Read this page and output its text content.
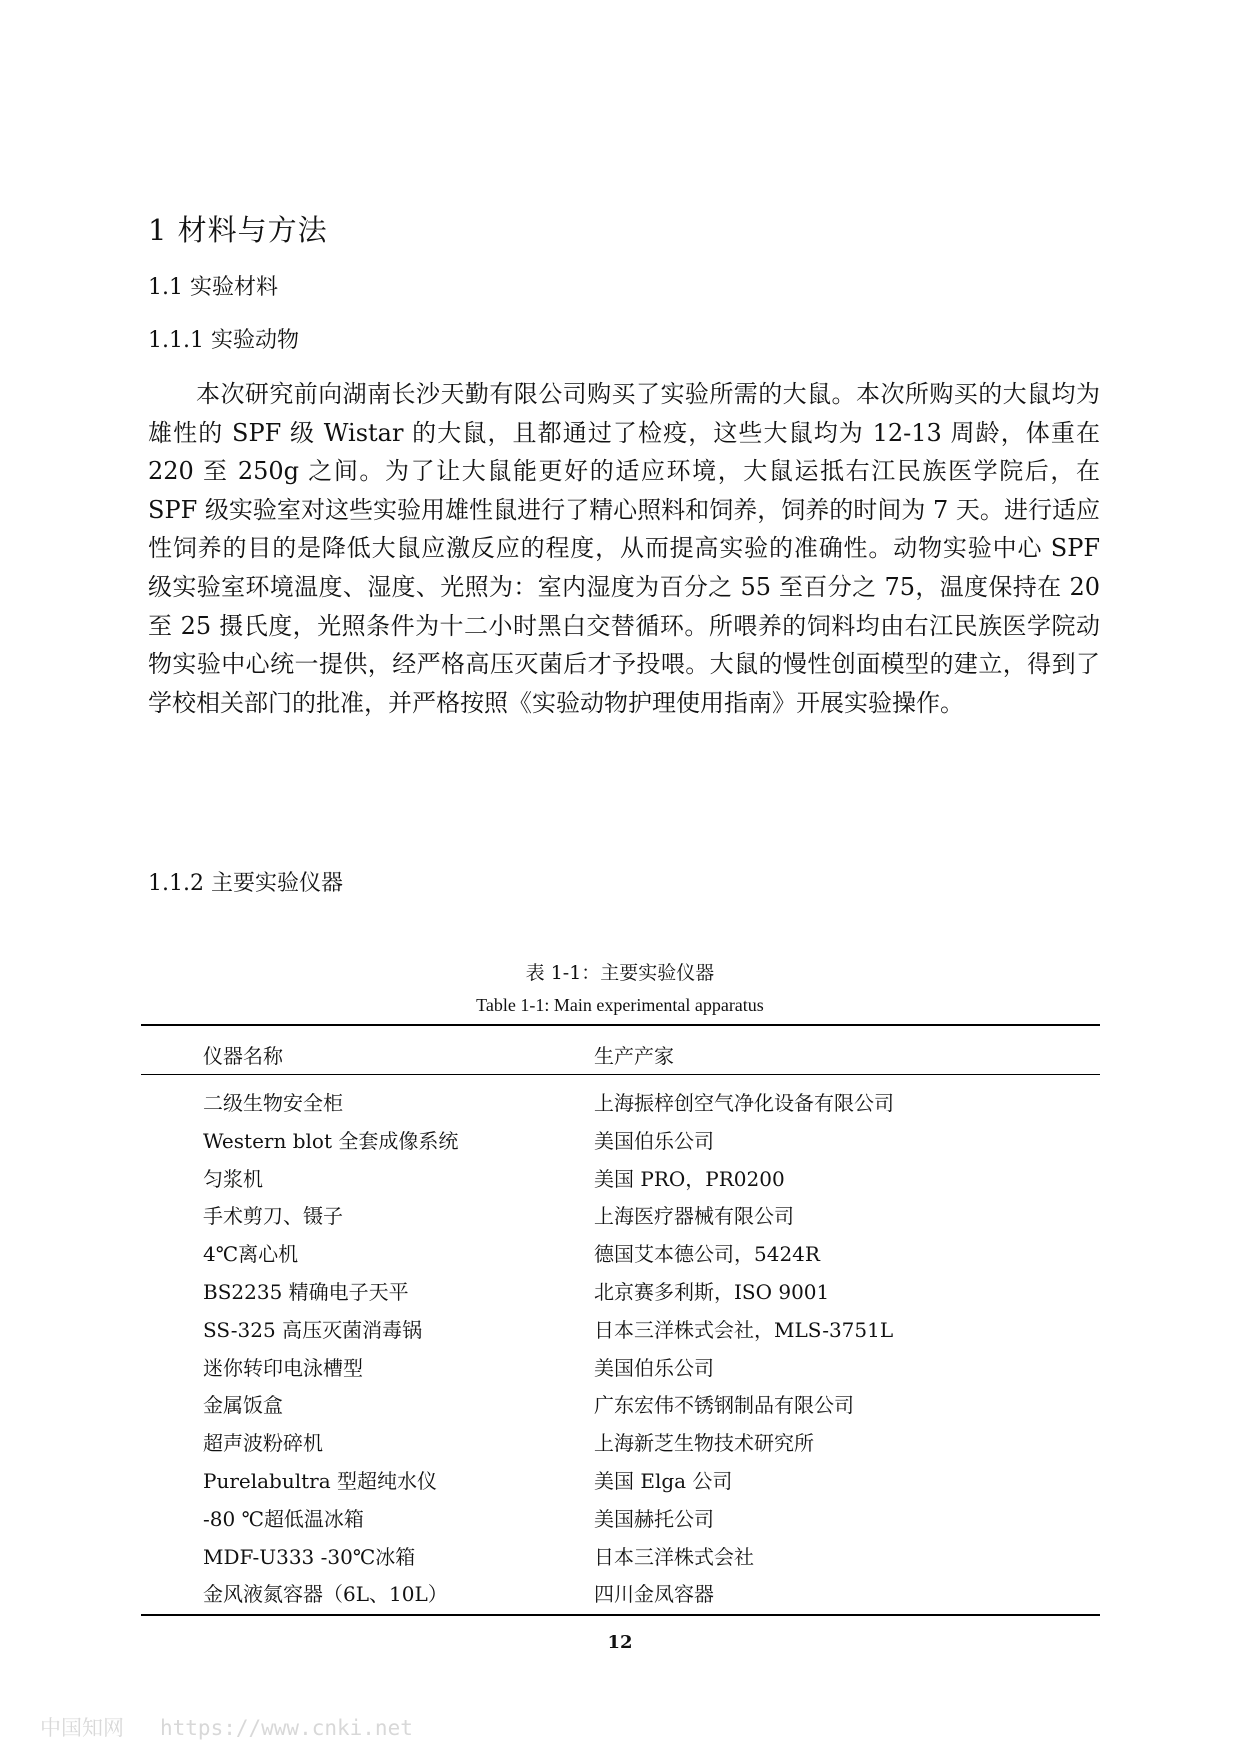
1 材料与方法
1.1 实验材料
1.1.1 实验动物
本次研究前向湖南长沙天勤有限公司购买了实验所需的大鼠。本次所购买的大鼠均为雄性的 SPF 级 Wistar 的大鼠，且都通过了检疫，这些大鼠均为 12-13 周龄，体重在 220 至 250g 之间。为了让大鼠能更好的适应环境，大鼠运抵右江民族医学院后，在 SPF 级实验室对这些实验用雄性鼠进行了精心照料和饲养，饲养的时间为 7 天。进行适应性饲养的目的是降低大鼠应激反应的程度，从而提高实验的准确性。动物实验中心 SPF 级实验室环境温度、湿度、光照为：室内湿度为百分之 55 至百分之 75，温度保持在 20 至 25 摄氏度，光照条件为十二小时黑白交替循环。所喂养的饲料均由右江民族医学院动物实验中心统一提供，经严格高压灭菌后才予投喂。大鼠的慢性创面模型的建立，得到了学校相关部门的批准，并严格按照《实验动物护理使用指南》开展实验操作。
1.1.2 主要实验仪器
表 1-1：主要实验仪器
Table 1-1: Main experimental apparatus
仪器名称	生产产家
二级生物安全柜	上海振梓创空气净化设备有限公司
Western blot 全套成像系统	美国伯乐公司
匀浆机	美国 PRO，PR0200
手术剪刀、镊子	上海医疗器械有限公司
4℃离心机	德国艾本德公司，5424R
BS2235 精确电子天平	北京赛多利斯，ISO 9001
SS-325 高压灭菌消毒锅	日本三洋株式会社，MLS-3751L
迷你转印电泳槽型	美国伯乐公司
金属饭盒	广东宏伟不锈钢制品有限公司
超声波粉碎机	上海新芝生物技术研究所
Purelabultra 型超纯水仪	美国 Elga 公司
-80 ℃超低温冰箱	美国赫托公司
MDF-U333 -30℃冰箱	日本三洋株式会社
金风液氮容器（6L、10L）	四川金凤容器
12
中国知网 https://www.cnki.net
